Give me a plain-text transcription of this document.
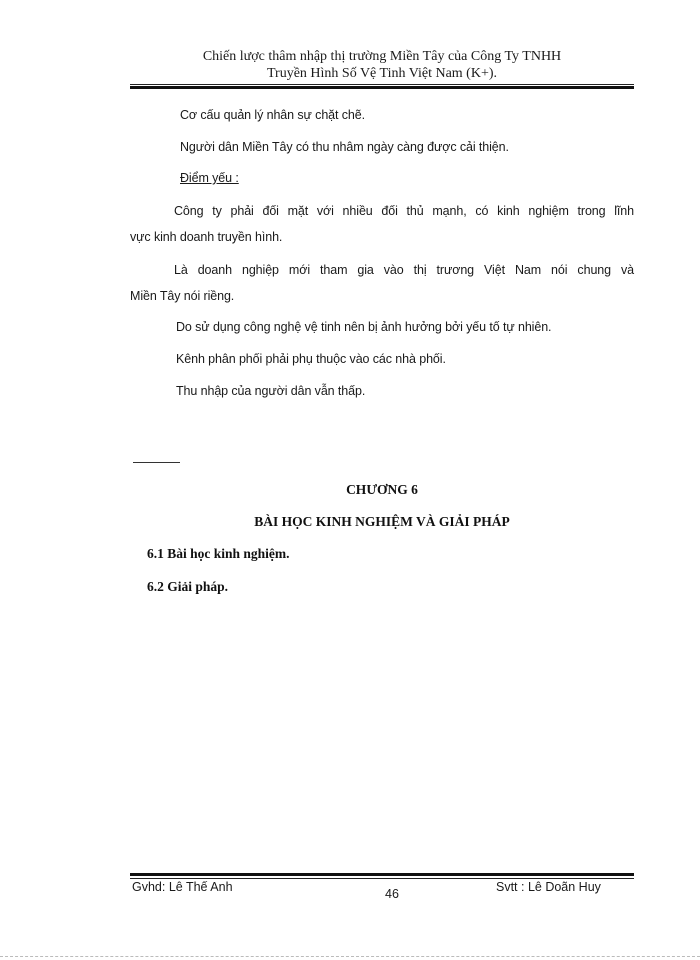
Chiến lược thâm nhập thị trường Miền Tây của Công Ty TNHH
Truyền Hình Số Vệ Tinh Việt Nam (K+).
Cơ cấu quản lý nhân sự chặt chẽ.
Người dân Miền Tây có thu nhâm ngày càng được cải thiện.
Điểm yếu :
Công ty phải đối mặt với nhiều đối thủ mạnh, có kinh nghiệm trong lĩnh
vực kinh doanh truyền hình.
Là doanh nghiệp mới tham gia vào thị trương Việt Nam nói chung và
Miền Tây nói riềng.
Do sử dụng công nghệ vệ tinh nên bị ảnh hưởng bởi yếu tố tự nhiên.
Kênh phân phối phải phụ thuộc vào các nhà phối.
Thu nhập của người dân vẫn thấp.
CHƯƠNG 6
BÀI HỌC KINH NGHIỆM VÀ GIẢI PHÁP
6.1 Bài học kinh nghiệm.
6.2 Giải pháp.
Gvhd: Lê Thế Anh	46	Svtt : Lê Doãn Huy
